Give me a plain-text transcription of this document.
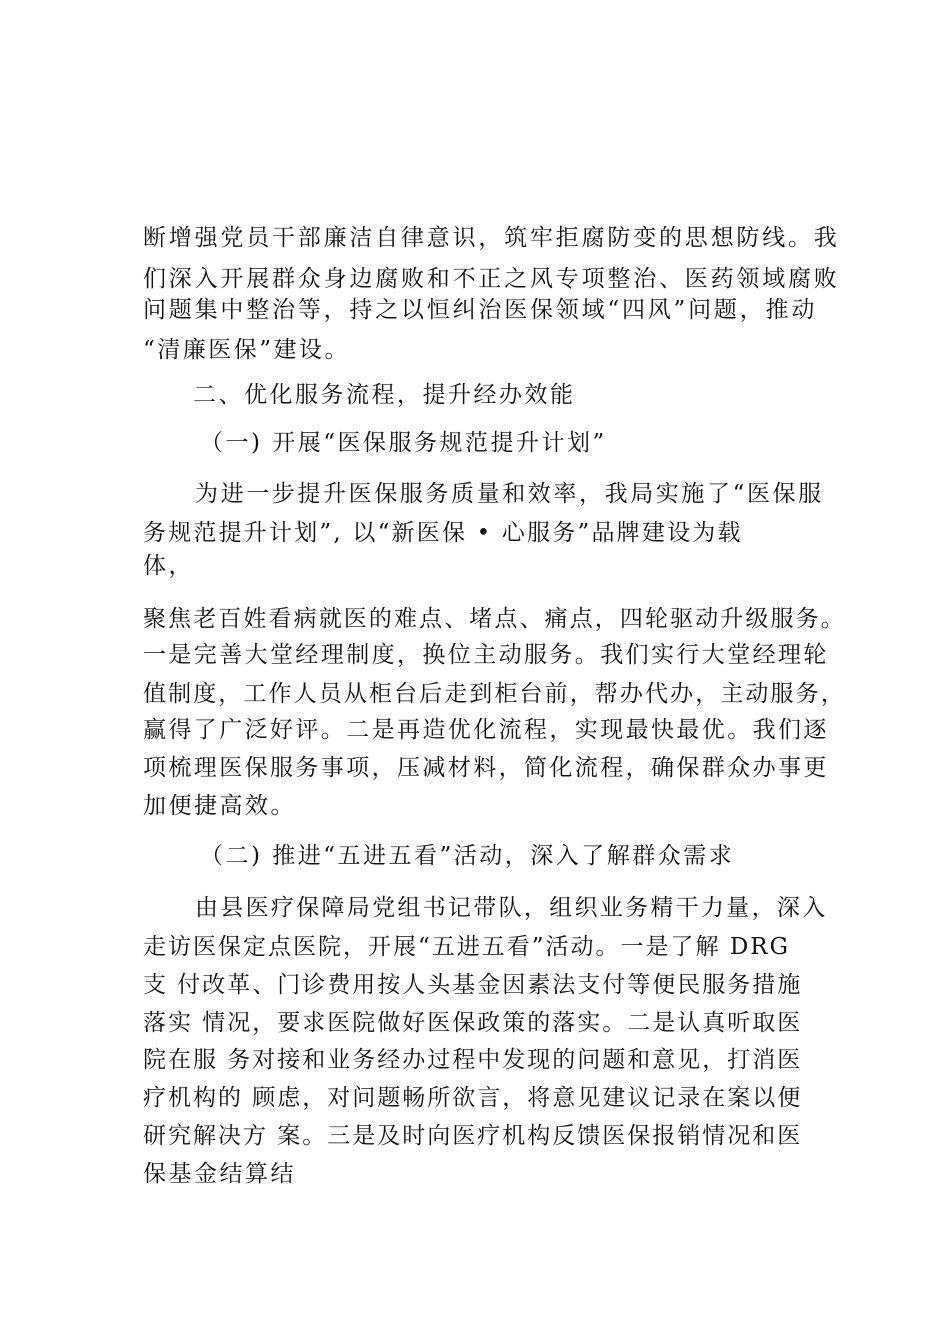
断增强党员干部廉洁自律意识，筑牢拒腐防变的思想防线。我
们深入开展群众身边腐败和不正之风专项整治、医药领域腐败
问题集中整治等，持之以恒纠治医保领域“四风”问题，推动
“清廉医保”建设。
二、优化服务流程，提升经办效能
（一) 开展“医保服务规范提升计划”
为进一步提升医保服务质量和效率，我局实施了“医保服
务规范提升计划”, 以“新医保 • 心服务”品牌建设为载
体，
聚焦老百姓看病就医的难点、堵点、痛点，四轮驱动升级服务。
一是完善大堂经理制度，换位主动服务。我们实行大堂经理轮
值制度，工作人员从柜台后走到柜台前，帮办代办，主动服务，
赢得了广泛好评。二是再造优化流程，实现最快最优。我们逐
项梳理医保服务事项，压减材料，简化流程，确保群众办事更
加便捷高效。
（二) 推进“五进五看”活动，深入了解群众需求
由县医疗保障局党组书记带队，组织业务精干力量，深入
走访医保定点医院，开展“五进五看”活动。一是了解 DRG
支 付改革、门诊费用按人头基金因素法支付等便民服务措施
落实 情况，要求医院做好医保政策的落实。二是认真听取医
院在服 务对接和业务经办过程中发现的问题和意见，打消医
疗机构的 顾虑，对问题畅所欲言，将意见建议记录在案以便
研究解决方 案。三是及时向医疗机构反馈医保报销情况和医
保基金结算结
